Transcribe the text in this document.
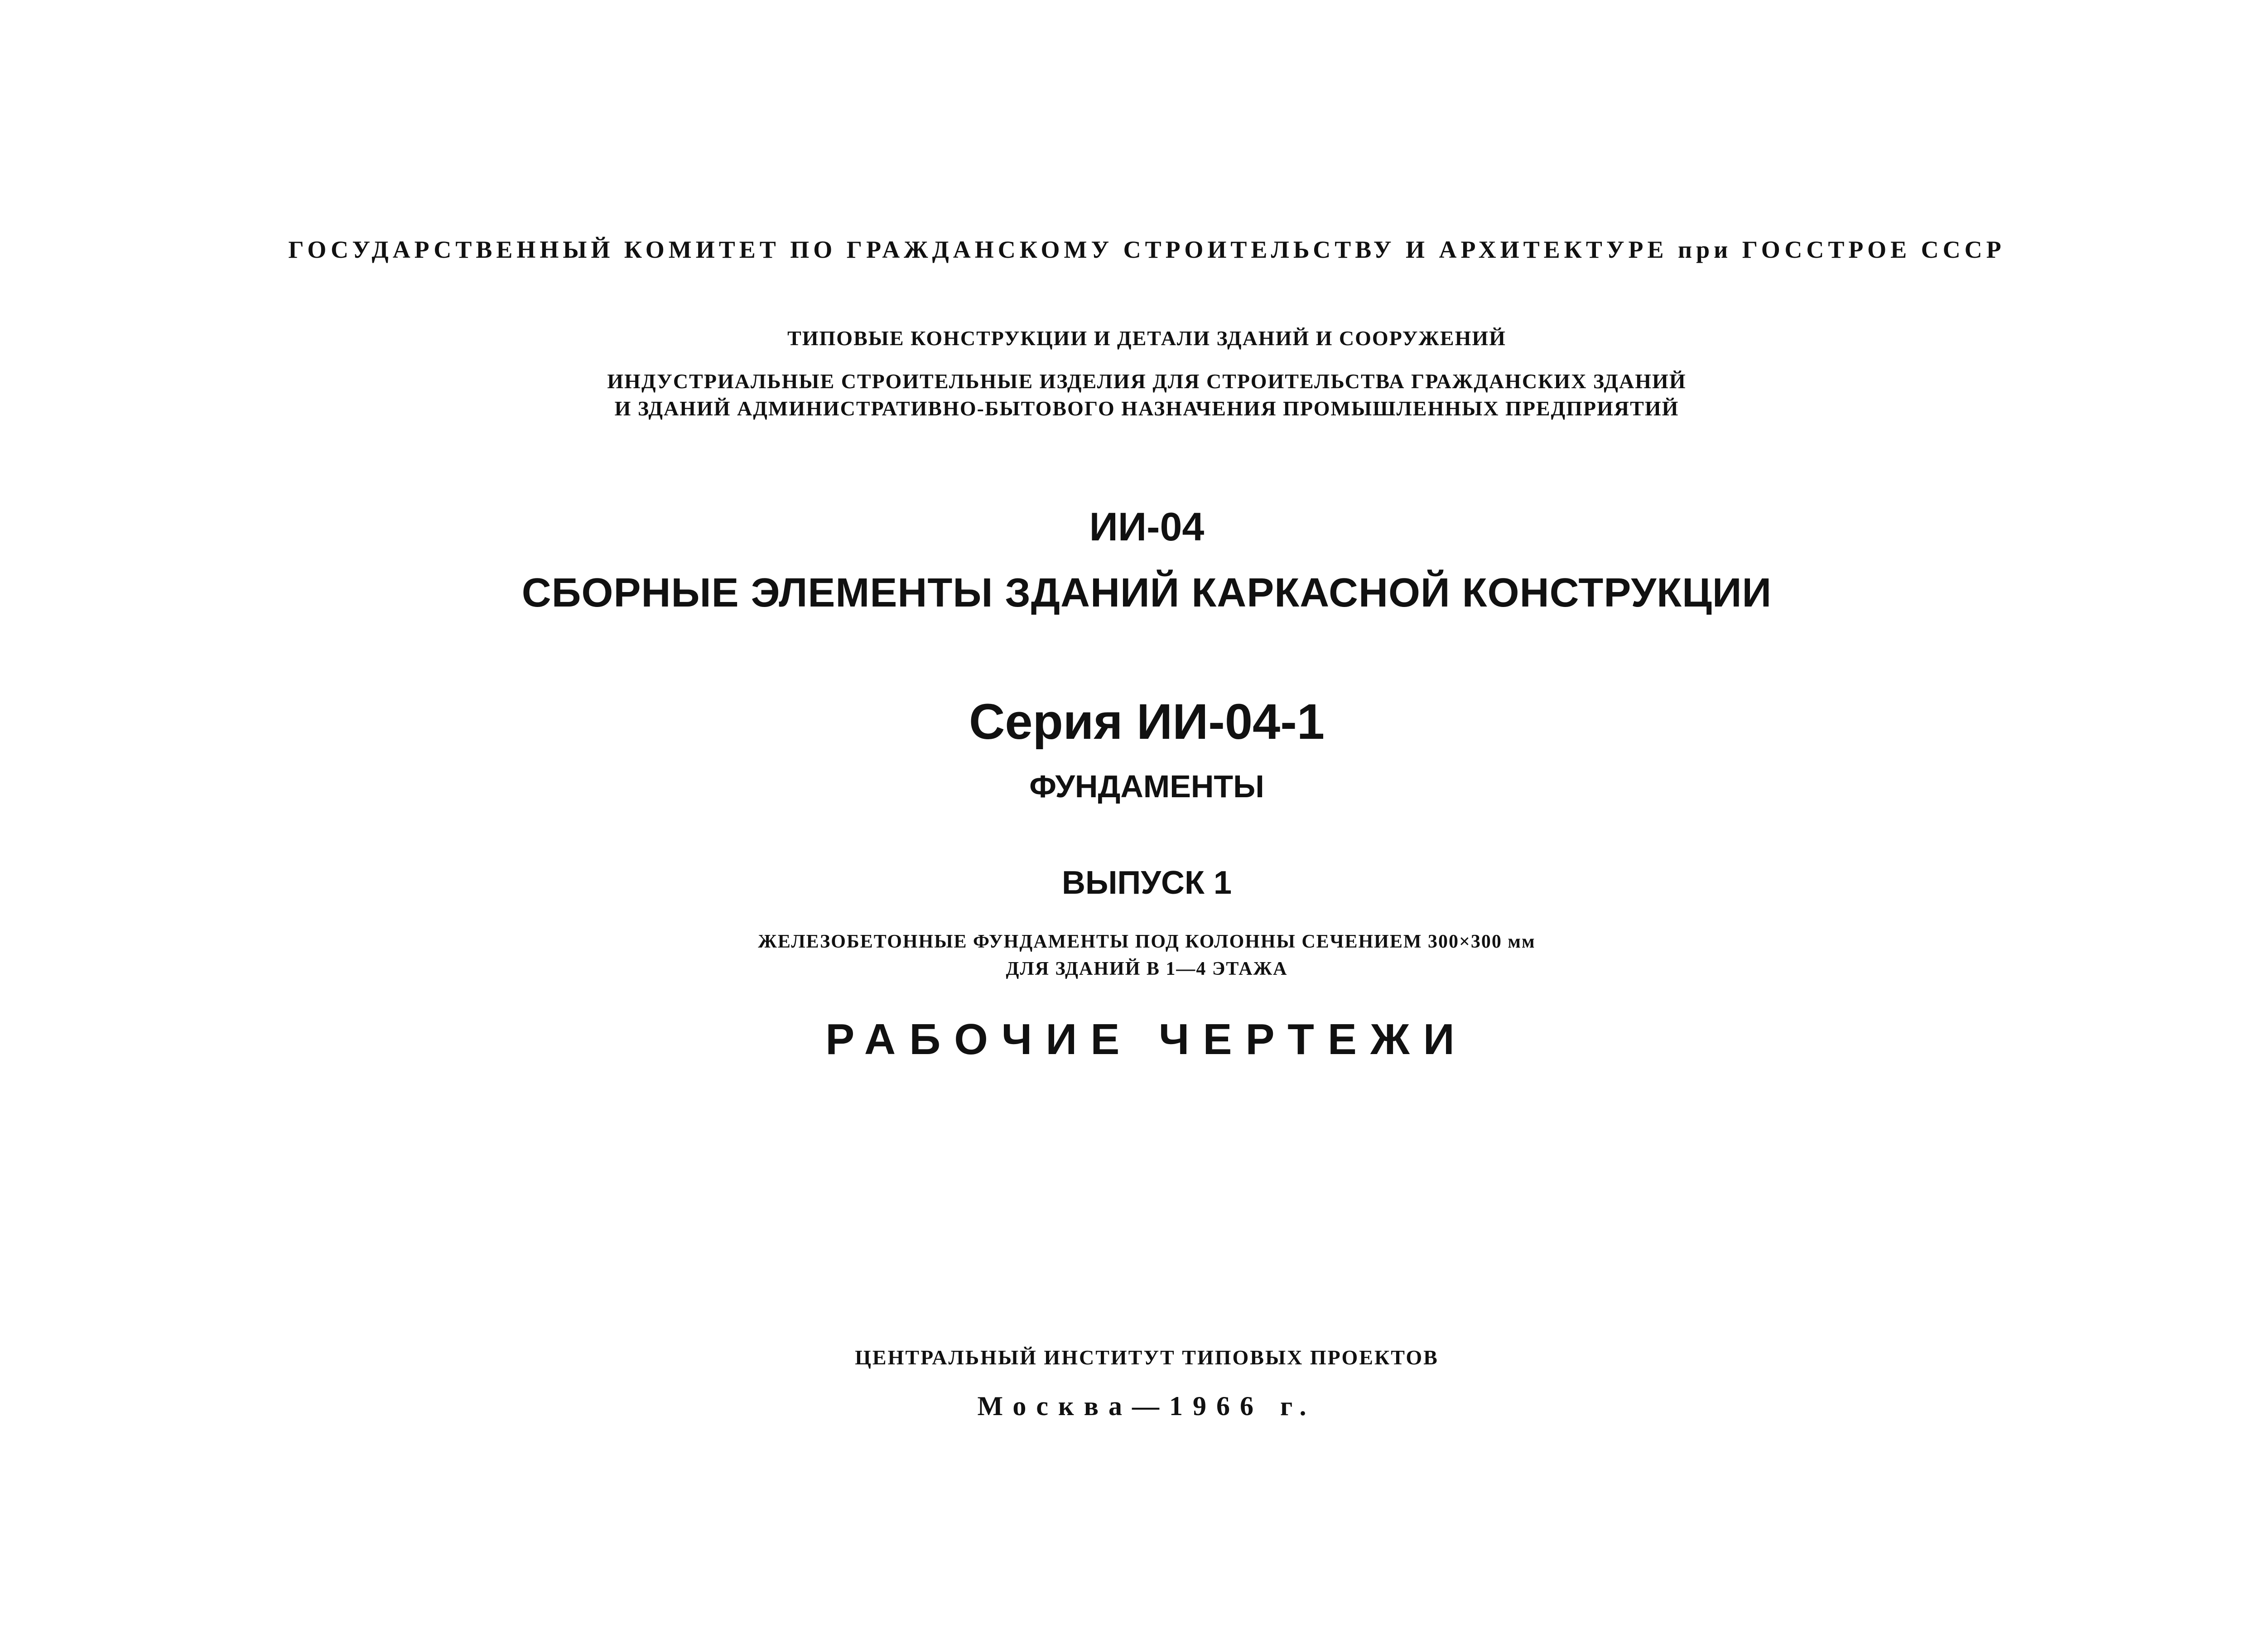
ГОСУДАРСТВЕННЫЙ КОМИТЕТ ПО ГРАЖДАНСКОМУ СТРОИТЕЛЬСТВУ И АРХИТЕКТУРЕ при ГОССТРОЕ СССР

ТИПОВЫЕ КОНСТРУКЦИИ И ДЕТАЛИ ЗДАНИЙ И СООРУЖЕНИЙ

ИНДУСТРИАЛЬНЫЕ СТРОИТЕЛЬНЫЕ ИЗДЕЛИЯ ДЛЯ СТРОИТЕЛЬСТВА ГРАЖДАНСКИХ ЗДАНИЙ

И ЗДАНИЙ АДМИНИСТРАТИВНО-БЫТОВОГО НАЗНАЧЕНИЯ ПРОМЫШЛЕННЫХ ПРЕДПРИЯТИЙ

ИИ-04

СБОРНЫЕ ЭЛЕМЕНТЫ ЗДАНИЙ КАРКАСНОЙ КОНСТРУКЦИИ

Серия ИИ-04-1

ФУНДАМЕНТЫ

ВЫПУСК 1

ЖЕЛЕЗОБЕТОННЫЕ ФУНДАМЕНТЫ ПОД КОЛОННЫ СЕЧЕНИЕМ 300×300 мм

ДЛЯ ЗДАНИЙ В 1—4 ЭТАЖА

РАБОЧИЕ ЧЕРТЕЖИ

ЦЕНТРАЛЬНЫЙ ИНСТИТУТ ТИПОВЫХ ПРОЕКТОВ

Москва—1966 г.
